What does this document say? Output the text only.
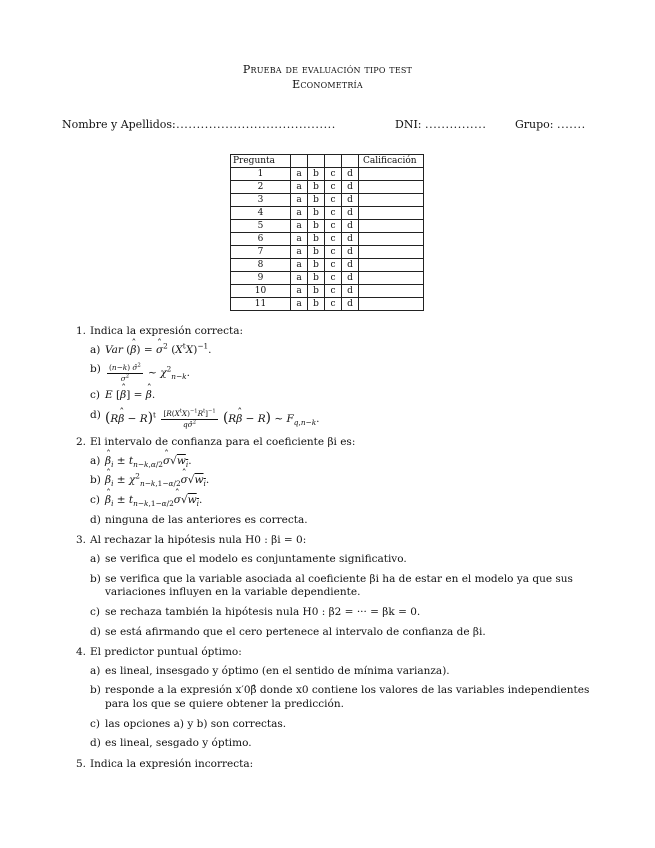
Prueba de evaluación tipo test
Econometría
Nombre y Apellidos:
........................................	DNI: ...............	Grupo: .......
Pregunta					Calificación
1	a	b	c	d	
2	a	b	c	d	
3	a	b	c	d	
4	a	b	c	d	
5	a	b	c	d	
6	a	b	c	d	
7	a	b	c	d	
8	a	b	c	d	
9	a	b	c	d	
10	a	b	c	d	
11	a	b	c	d	
1. Indica la expresión correcta:
a) Var (ˆ β) = ˆ $\sigma^2$ $(X^tX)^{-1}$.
$b) \frac{(n-k) \sigmâ^2}{\sigma^2}$ ∼ $\chi^2_{n-k}$.
c) E [ˆ β] = ˆ β.
d) (Rˆ $\beta - R)^t \frac{[R(X^tX)^{-1}R^t]^{-1}}{q\sigmâ^2}$ (Rˆ β − R) ∼ $F_{q,n-k}$.
2. El intervalo de confianza para el coeficiente βi es:
a) ˆ $\beta_i$ ± $t_{n-k,\alpha/2}ˆ$ $\sigma√w_i$.
b) ˆ $\beta_i$ ± $\chi^2_{n-k,1-\alpha/2}ˆ$ $\sigma√w_i$.
c) ˆ $\beta_i$ ± $t_{n-k,1-\alpha/2}ˆ$ $\sigma√w_i$.
d) ninguna de las anteriores es correcta.
3. Al rechazar la hipótesis nula H0 : βi = 0:
a) se verifica que el modelo es conjuntamente significativo.
b) se verifica que la variable asociada al coeficiente βi ha de estar en el modelo ya que sus variaciones influyen en la variable dependiente.
c) se rechaza también la hipótesis nula H0 : β2 = ··· = βk = 0.
d) se está afirmando que el cero pertenece al intervalo de confianza de βi.
4. El predictor puntual óptimo:
a) es lineal, insesgado y óptimo (en el sentido de mínima varianza).
b) responde a la expresión x′0β̂ donde x0 contiene los valores de las variables independientes para los que se quiere obtener la predicción.
c) las opciones a) y b) son correctas.
d) es lineal, sesgado y óptimo.
5. Indica la expresión incorrecta:
